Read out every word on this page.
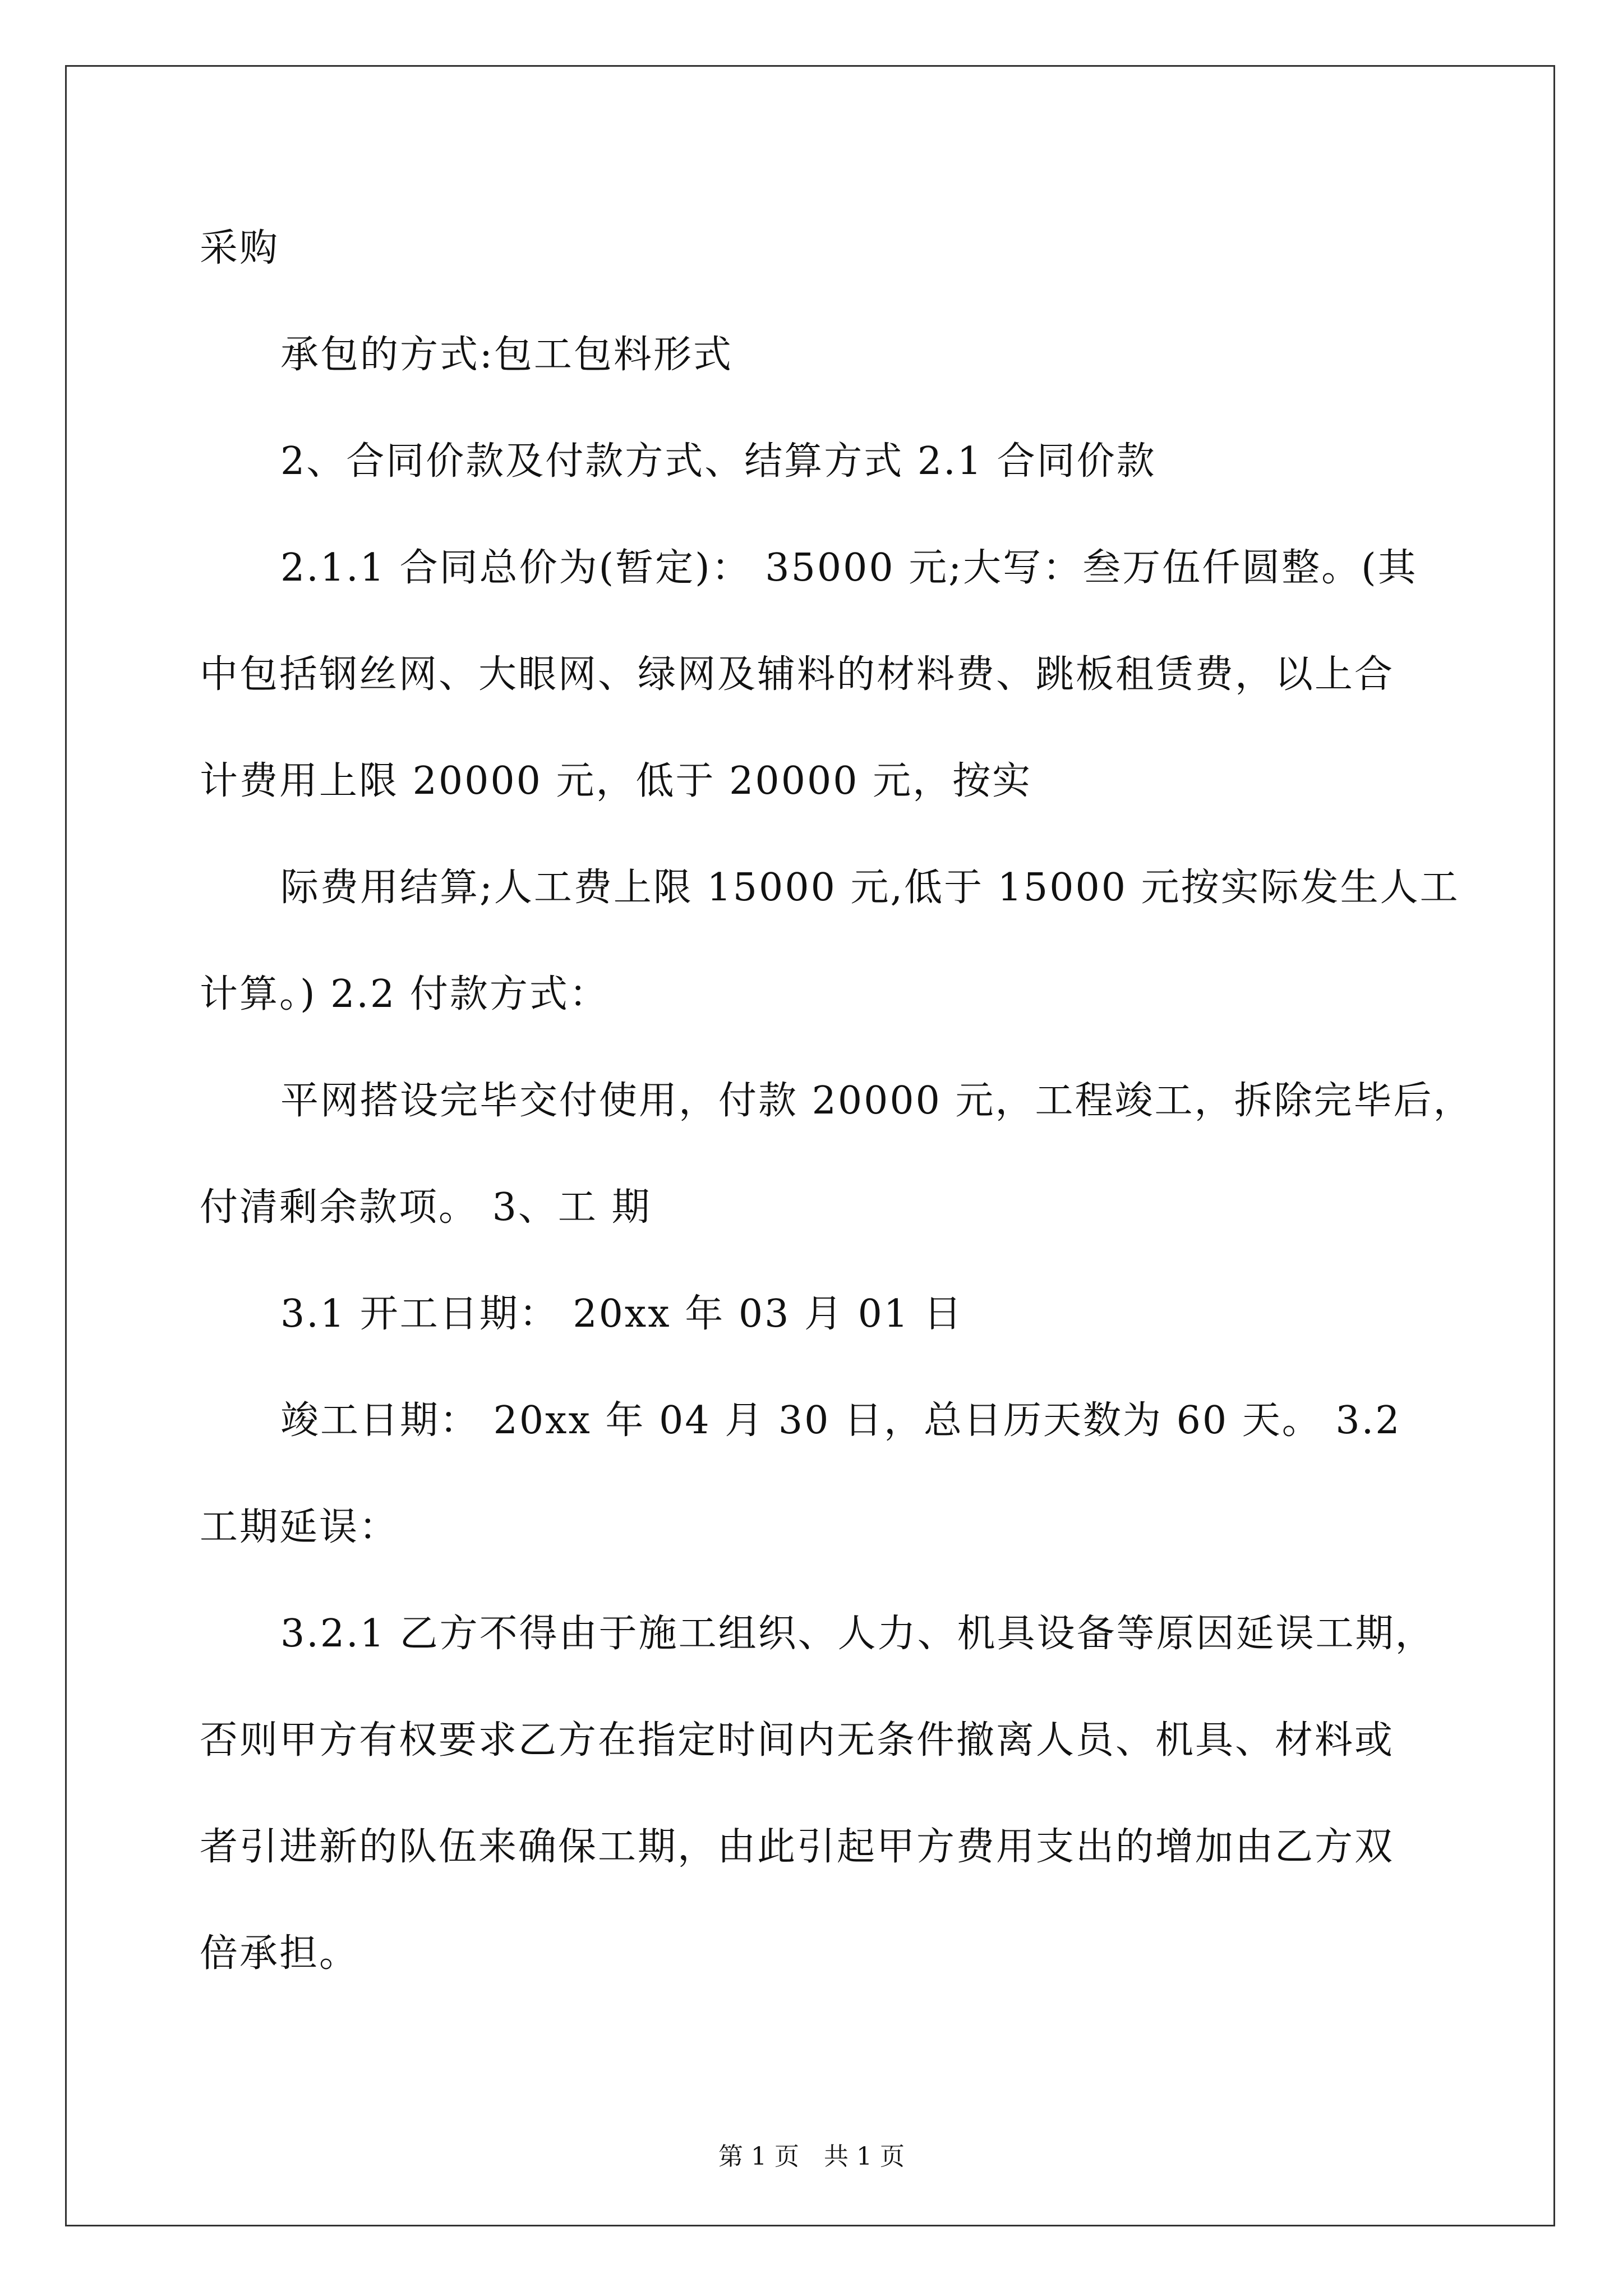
采购
承包的方式:包工包料形式
2、合同价款及付款方式、结算方式 2.1 合同价款
2.1.1 合同总价为(暂定)： 35000 元;大写：叁万伍仟圆整。(其
中包括钢丝网、大眼网、绿网及辅料的材料费、跳板租赁费，以上合
计费用上限 20000 元，低于 20000 元，按实
际费用结算;人工费上限 15000 元,低于 15000 元按实际发生人工
计算。) 2.2 付款方式：
平网搭设完毕交付使用，付款 20000 元，工程竣工，拆除完毕后，
付清剩余款项。 3、工 期
3.1 开工日期： 20xx 年 03 月 01 日
竣工日期： 20xx 年 04 月 30 日，总日历天数为 60 天。 3.2
工期延误：
3.2.1 乙方不得由于施工组织、人力、机具设备等原因延误工期，
否则甲方有权要求乙方在指定时间内无条件撤离人员、机具、材料或
者引进新的队伍来确保工期，由此引起甲方费用支出的增加由乙方双
倍承担。
第 1 页　共 1 页
